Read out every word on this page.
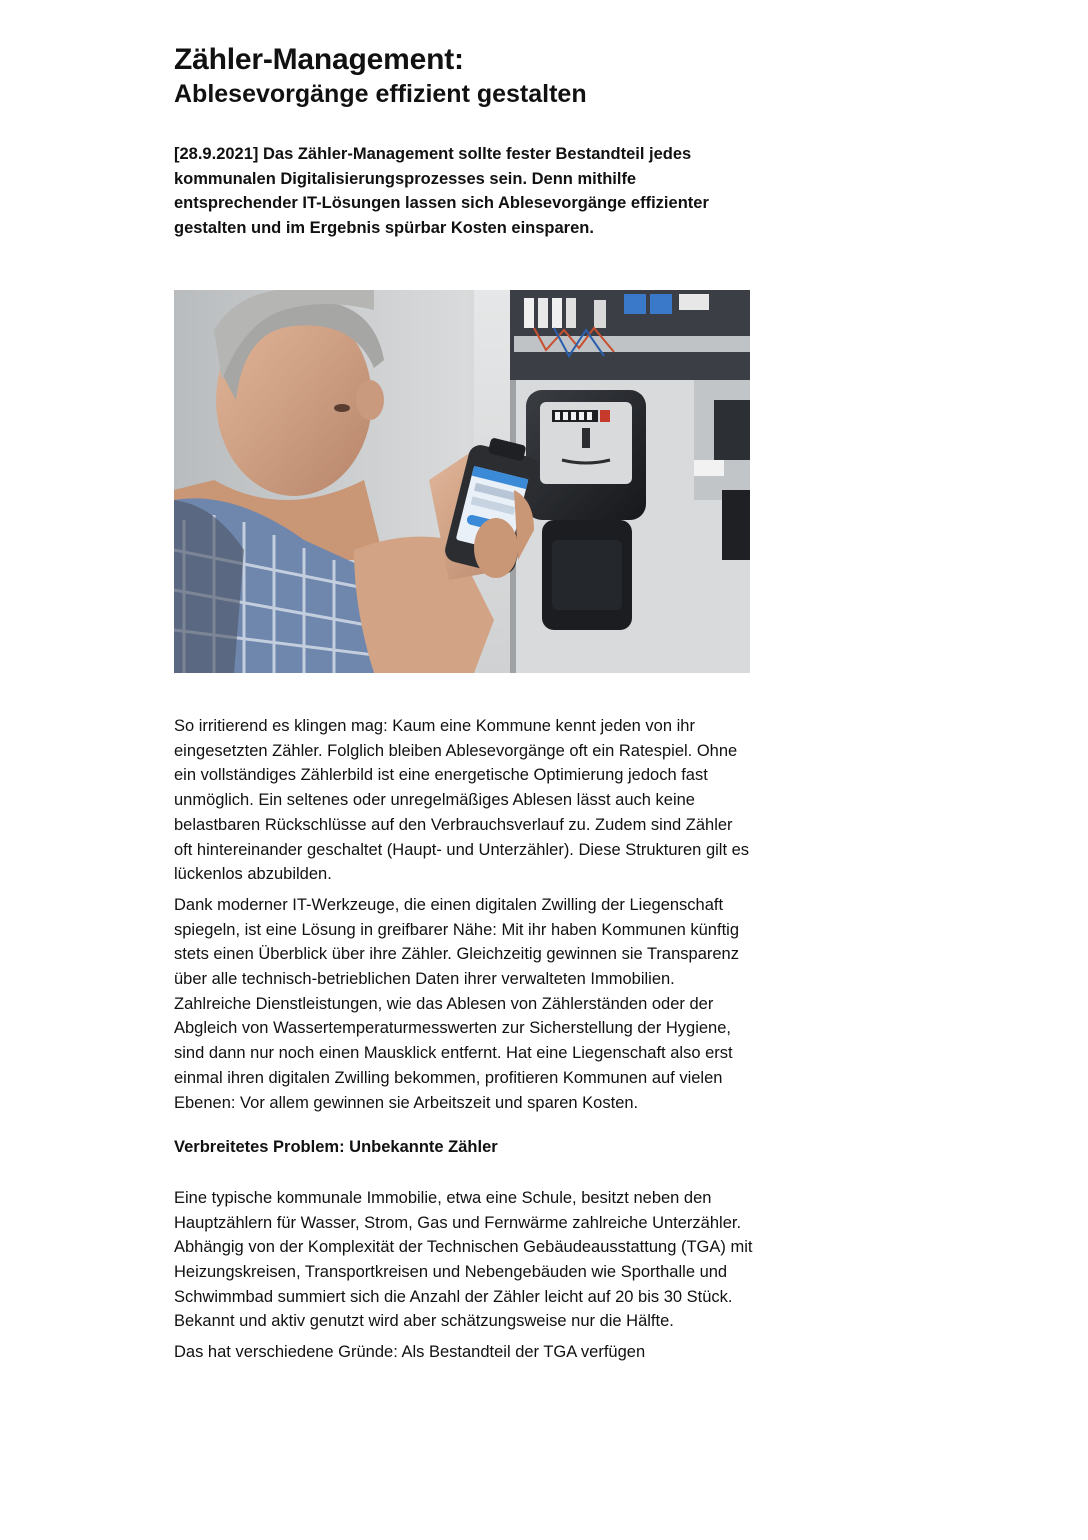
Zähler-Management:
Ablesevorgänge effizient gestalten
[28.9.2021] Das Zähler-Management sollte fester Bestandteil jedes kommunalen Digitalisierungsprozesses sein. Denn mithilfe entsprechender IT-Lösungen lassen sich Ablesevorgänge effizienter gestalten und im Ergebnis spürbar Kosten einsparen.

So irritierend es klingen mag: Kaum eine Kommune kennt jeden von ihr eingesetzten Zähler. Folglich bleiben Ablesevorgänge oft ein Ratespiel. Ohne ein vollständiges Zählerbild ist eine energetische Optimierung jedoch fast unmöglich. Ein seltenes oder unregelmäßiges Ablesen lässt auch keine belastbaren Rückschlüsse auf den Verbrauchsverlauf zu. Zudem sind Zähler oft hintereinander geschaltet (Haupt- und Unterzähler). Diese Strukturen gilt es lückenlos abzubilden.

Dank moderner IT-Werkzeuge, die einen digitalen Zwilling der Liegenschaft spiegeln, ist eine Lösung in greifbarer Nähe: Mit ihr haben Kommunen künftig stets einen Überblick über ihre Zähler. Gleichzeitig gewinnen sie Transparenz über alle technisch-betrieblichen Daten ihrer verwalteten Immobilien. Zahlreiche Dienstleistungen, wie das Ablesen von Zählerständen oder der Abgleich von Wassertemperaturmesswerten zur Sicherstellung der Hygiene, sind dann nur noch einen Mausklick entfernt. Hat eine Liegenschaft also erst einmal ihren digitalen Zwilling bekommen, profitieren Kommunen auf vielen Ebenen: Vor allem gewinnen sie Arbeitszeit und sparen Kosten.

Verbreitetes Problem: Unbekannte Zähler

Eine typische kommunale Immobilie, etwa eine Schule, besitzt neben den Hauptzählern für Wasser, Strom, Gas und Fernwärme zahlreiche Unterzähler. Abhängig von der Komplexität der Technischen Gebäudeausstattung (TGA) mit Heizungskreisen, Transportkreisen und Nebengebäuden wie Sporthalle und Schwimmbad summiert sich die Anzahl der Zähler leicht auf 20 bis 30 Stück. Bekannt und aktiv genutzt wird aber schätzungsweise nur die Hälfte.

Das hat verschiedene Gründe: Als Bestandteil der TGA verfügen
